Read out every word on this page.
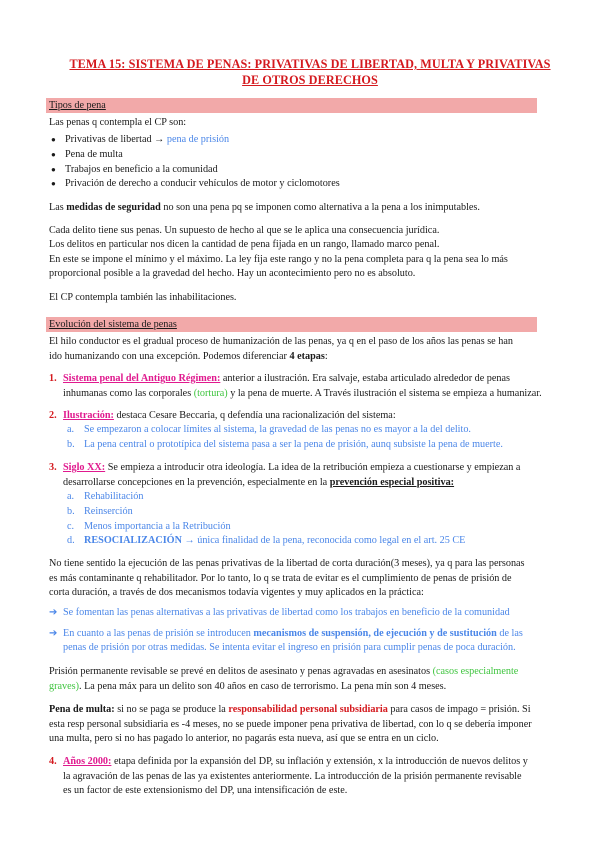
TEMA 15: SISTEMA DE PENAS: PRIVATIVAS DE LIBERTAD, MULTA Y PRIVATIVAS
DE OTROS DERECHOS
Tipos de pena
Las penas q contempla el CP son:
● Privativas de libertad → pena de prisión
● Pena de multa
● Trabajos en beneficio a la comunidad
● Privación de derecho a conducir vehículos de motor y ciclomotores
Las medidas de seguridad no son una pena pq se imponen como alternativa a la pena a los inimputables.
Cada delito tiene sus penas. Un supuesto de hecho al que se le aplica una consecuencia jurídica.
Los delitos en particular nos dicen la cantidad de pena fijada en un rango, llamado marco penal.
En este se impone el mínimo y el máximo. La ley fija este rango y no la pena completa para q la pena sea lo más
proporcional posible a la gravedad del hecho. Hay un acontecimiento pero no es absoluto.
El CP contempla también las inhabilitaciones.
Evolución del sistema de penas
El hilo conductor es el gradual proceso de humanización de las penas, ya q en el paso de los años las penas se han
ido humanizando con una excepción. Podemos diferenciar 4 etapas:
1. Sistema penal del Antiguo Régimen: anterior a ilustración. Era salvaje, estaba articulado alrededor de penas
inhumanas como las corporales (tortura) y la pena de muerte. A Través ilustración el sistema se empieza a humanizar.
2. Ilustración: destaca Cesare Beccaria, q defendía una racionalización del sistema:
a. Se empezaron a colocar límites al sistema, la gravedad de las penas no es mayor a la del delito.
b. La pena central o prototípica del sistema pasa a ser la pena de prisión, aunq subsiste la pena de muerte.
3. Siglo XX: Se empieza a introducir otra ideología. La idea de la retribución empieza a cuestionarse y empiezan a
desarrollarse concepciones en la prevención, especialmente en la prevención especial positiva:
a. Rehabilitación
b. Reinserción
c. Menos importancia a la Retribución
d. RESOCIALIZACIÓN → única finalidad de la pena, reconocida como legal en el art. 25 CE
No tiene sentido la ejecución de las penas privativas de la libertad de corta duración(3 meses), ya q para las personas
es más contaminante q rehabilitador. Por lo tanto, lo q se trata de evitar es el cumplimiento de penas de prisión de
corta duración, a través de dos mecanismos todavía vigentes y muy aplicados en la práctica:
➔ Se fomentan las penas alternativas a las privativas de libertad como los trabajos en beneficio de la comunidad
➔ En cuanto a las penas de prisión se introducen mecanismos de suspensión, de ejecución y de sustitución de las
penas de prisión por otras medidas. Se intenta evitar el ingreso en prisión para cumplir penas de poca duración.
Prisión permanente revisable se prevé en delitos de asesinato y penas agravadas en asesinatos (casos especialmente
graves). La pena máx para un delito son 40 años en caso de terrorismo. La pena mín son 4 meses.
Pena de multa: si no se paga se produce la responsabilidad personal subsidiaria para casos de impago = prisión. Si
esta resp personal subsidiaria es -4 meses, no se puede imponer pena privativa de libertad, con lo q se debería imponer
una multa, pero si no has pagado lo anterior, no pagarás esta nueva, así que se entra en un ciclo.
4. Años 2000: etapa definida por la expansión del DP, su inflación y extensión, x la introducción de nuevos delitos y
la agravación de las penas de las ya existentes anteriormente. La introducción de la prisión permanente revisable
es un factor de este extensionismo del DP, una intensificación de este.
